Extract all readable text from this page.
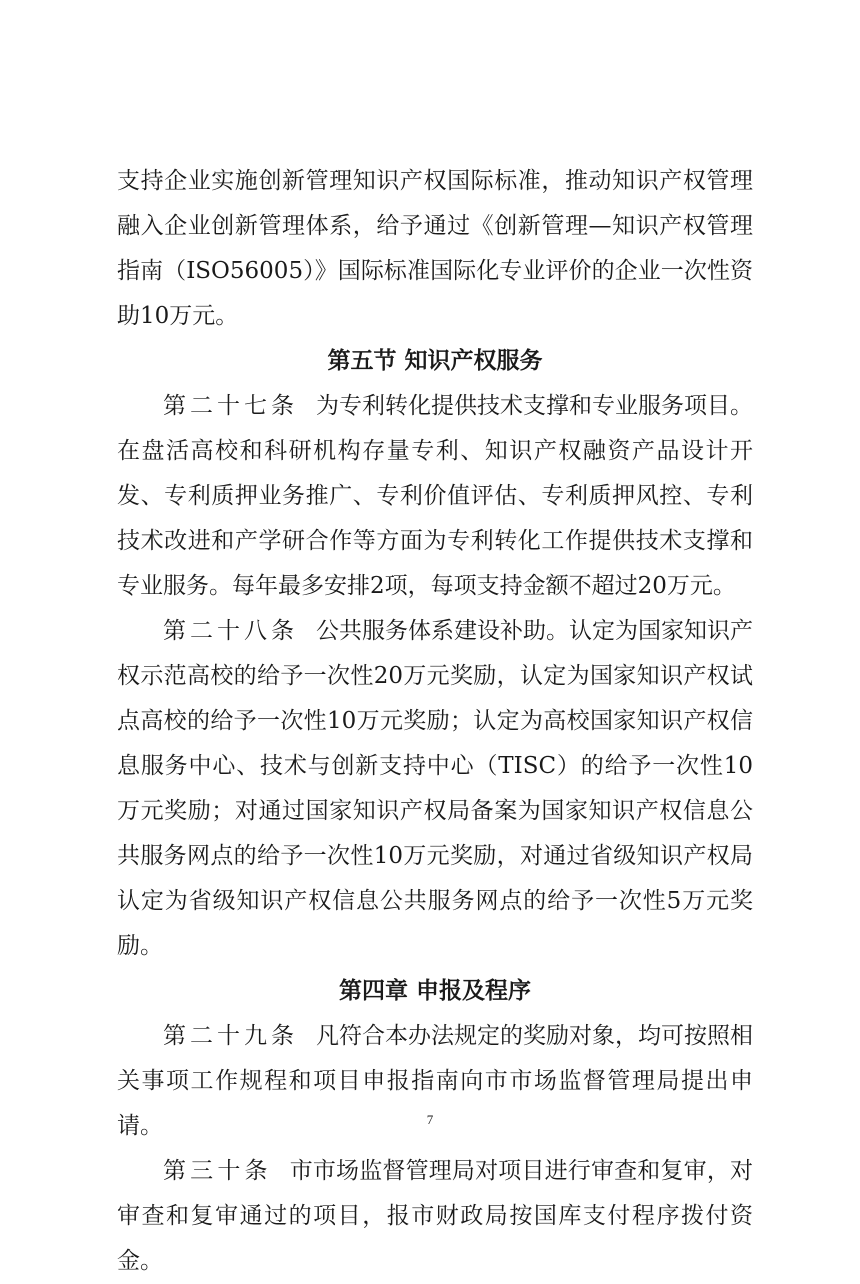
支持企业实施创新管理知识产权国际标准，推动知识产权管理融入企业创新管理体系，给予通过《创新管理—知识产权管理指南（ISO56005）》国际标准国际化专业评价的企业一次性资助10万元。

第五节 知识产权服务

第二十七条 为专利转化提供技术支撑和专业服务项目。在盘活高校和科研机构存量专利、知识产权融资产品设计开发、专利质押业务推广、专利价值评估、专利质押风控、专利技术改进和产学研合作等方面为专利转化工作提供技术支撑和专业服务。每年最多安排2项，每项支持金额不超过20万元。

第二十八条 公共服务体系建设补助。认定为国家知识产权示范高校的给予一次性20万元奖励，认定为国家知识产权试点高校的给予一次性10万元奖励；认定为高校国家知识产权信息服务中心、技术与创新支持中心（TISC）的给予一次性10万元奖励；对通过国家知识产权局备案为国家知识产权信息公共服务网点的给予一次性10万元奖励，对通过省级知识产权局认定为省级知识产权信息公共服务网点的给予一次性5万元奖励。

第四章 申报及程序

第二十九条 凡符合本办法规定的奖励对象，均可按照相关事项工作规程和项目申报指南向市市场监督管理局提出申请。

第三十条 市市场监督管理局对项目进行审查和复审，对审查和复审通过的项目，报市财政局按国库支付程序拨付资金。

7
